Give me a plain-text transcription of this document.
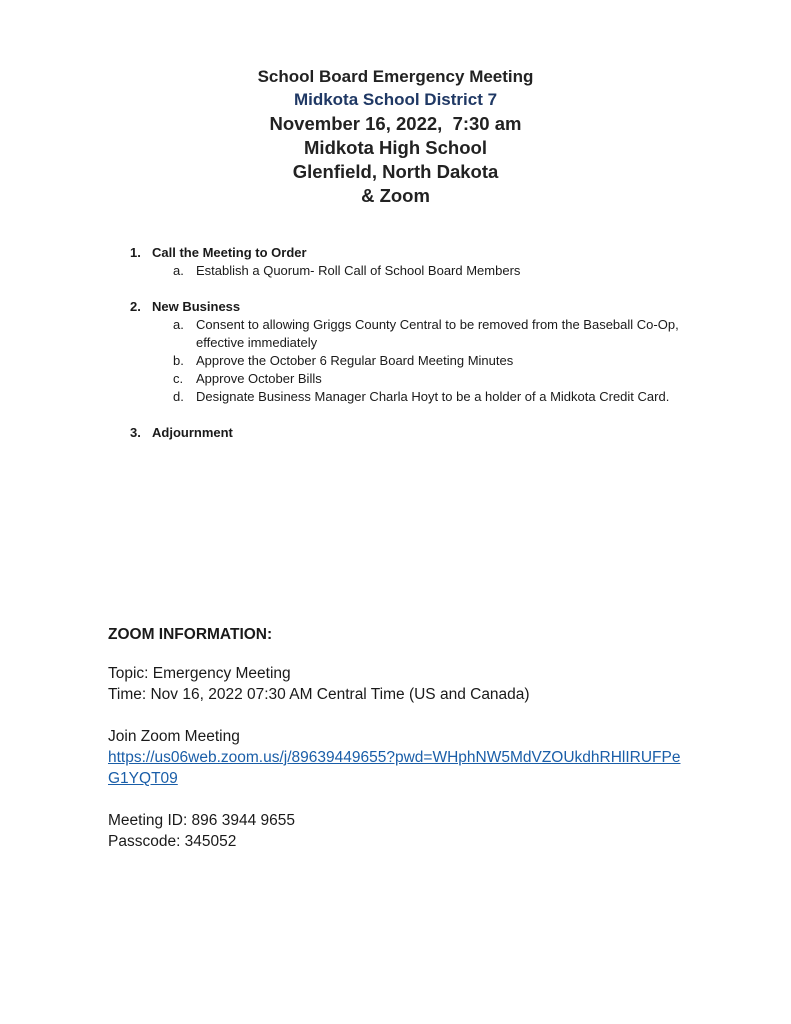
School Board Emergency Meeting
Midkota School District 7
November 16, 2022,  7:30 am
Midkota High School
Glenfield, North Dakota
& Zoom
1. Call the Meeting to Order
a. Establish a Quorum- Roll Call of School Board Members
2. New Business
a. Consent to allowing Griggs County Central to be removed from the Baseball Co-Op, effective immediately
b. Approve the October 6 Regular Board Meeting Minutes
c. Approve October Bills
d. Designate Business Manager Charla Hoyt to be a holder of a Midkota Credit Card.
3. Adjournment
ZOOM INFORMATION:
Topic: Emergency Meeting
Time: Nov 16, 2022 07:30 AM Central Time (US and Canada)
Join Zoom Meeting
https://us06web.zoom.us/j/89639449655?pwd=WHphNW5MdVZOUkdhRHlIRUFPeG1YQT09
Meeting ID: 896 3944 9655
Passcode: 345052
